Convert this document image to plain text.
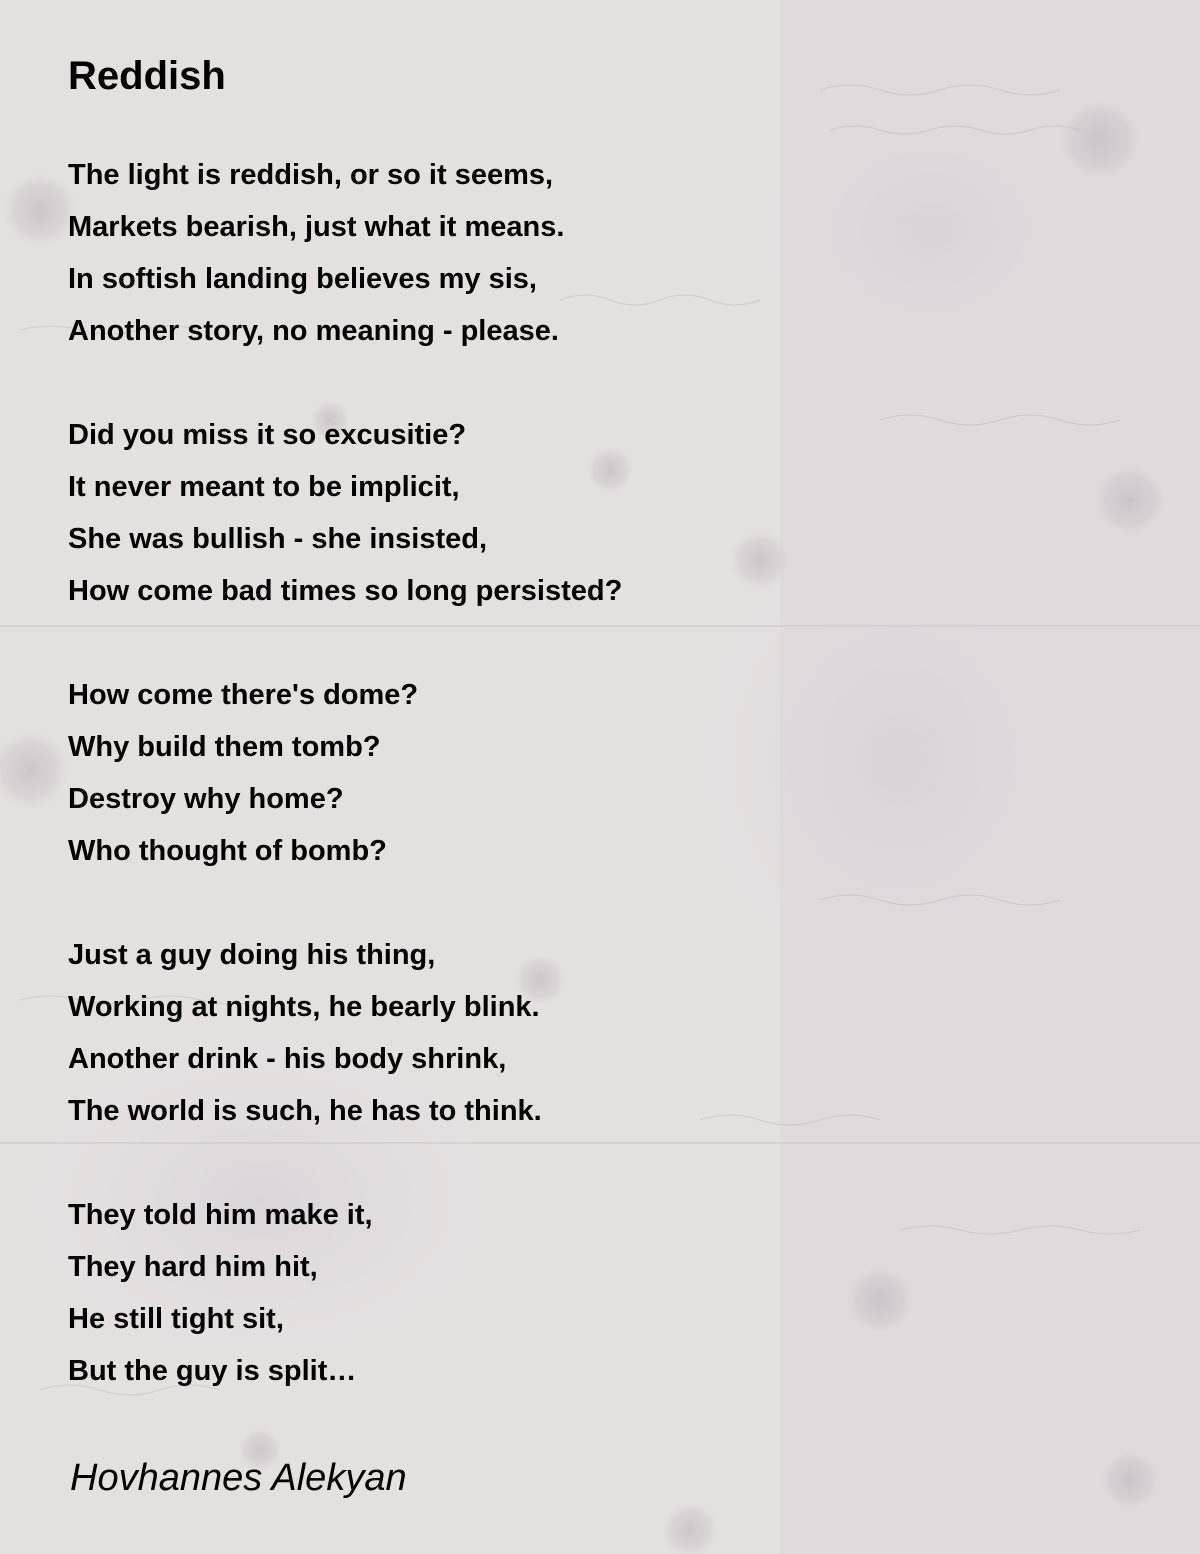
Reddish
The light is reddish, or so it seems,
Markets bearish, just what it means.
In softish landing believes my sis,
Another story, no meaning - please.
Did you miss it so excusitie?
It never meant to be implicit,
She was bullish - she insisted,
How come bad times so long persisted?
How come there's dome?
Why build them tomb?
Destroy why home?
Who thought of bomb?
Just a guy doing his thing,
Working at nights, he bearly blink.
Another drink - his body shrink,
The world is such, he has to think.
They told him make it,
They hard him hit,
He still tight sit,
But the guy is split…

Hovhannes Alekyan
